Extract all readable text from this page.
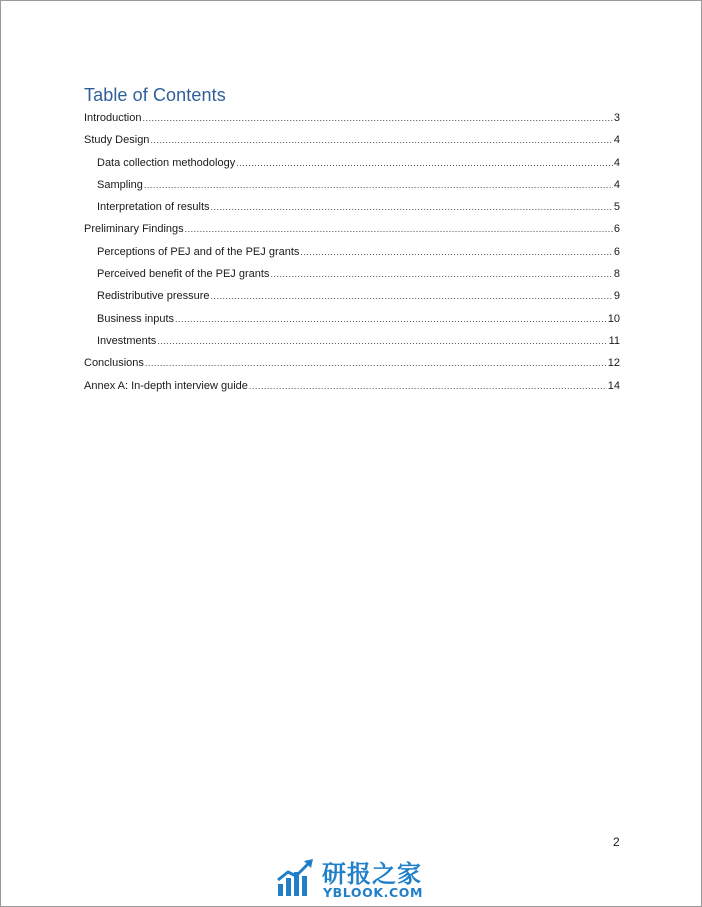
Table of Contents
Introduction .....	3
Study Design .....	4
Data collection methodology .....	4
Sampling .....	4
Interpretation of results .....	5
Preliminary Findings .....	6
Perceptions of PEJ and of the PEJ grants .....	6
Perceived benefit of the PEJ grants .....	8
Redistributive pressure .....	9
Business inputs .....	10
Investments .....	11
Conclusions .....	12
Annex A: In-depth interview guide .....	14
2
研报之家
YBLOOK.COM
